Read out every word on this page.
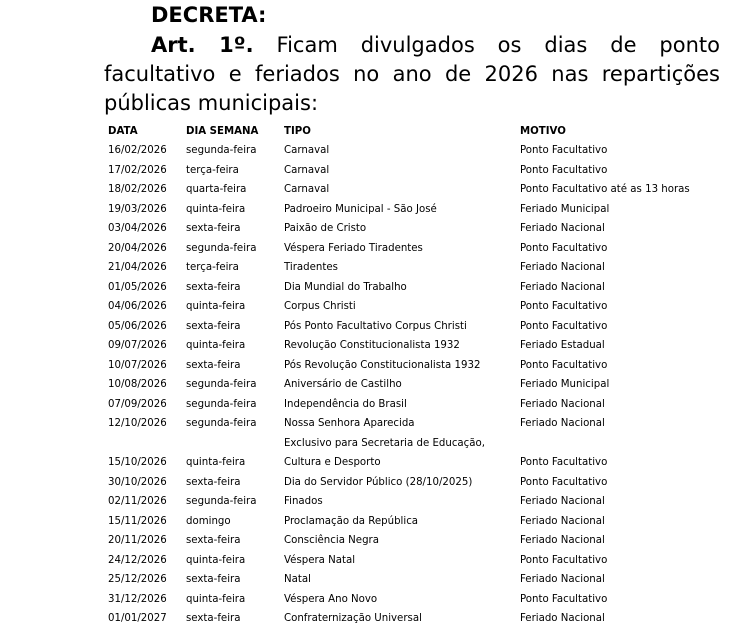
DECRETA:

Art. 1º. Ficam divulgados os dias de ponto facultativo e feriados no ano de 2026 nas repartições públicas municipais:

DATA	DIA SEMANA	TIPO	MOTIVO
16/02/2026	segunda-feira	Carnaval	Ponto Facultativo
17/02/2026	terça-feira	Carnaval	Ponto Facultativo
18/02/2026	quarta-feira	Carnaval	Ponto Facultativo até as 13 horas
19/03/2026	quinta-feira	Padroeiro Municipal - São José	Feriado Municipal
03/04/2026	sexta-feira	Paixão de Cristo	Feriado Nacional
20/04/2026	segunda-feira	Véspera Feriado Tiradentes	Ponto Facultativo
21/04/2026	terça-feira	Tiradentes	Feriado Nacional
01/05/2026	sexta-feira	Dia Mundial do Trabalho	Feriado Nacional
04/06/2026	quinta-feira	Corpus Christi	Ponto Facultativo
05/06/2026	sexta-feira	Pós Ponto Facultativo Corpus Christi	Ponto Facultativo
09/07/2026	quinta-feira	Revolução Constitucionalista 1932	Feriado Estadual
10/07/2026	sexta-feira	Pós Revolução Constitucionalista 1932	Ponto Facultativo
10/08/2026	segunda-feira	Aniversário de Castilho	Feriado Municipal
07/09/2026	segunda-feira	Independência do Brasil	Feriado Nacional
12/10/2026	segunda-feira	Nossa Senhora Aparecida	Feriado Nacional
		Exclusivo para Secretaria de Educação,	
15/10/2026	quinta-feira	Cultura e Desporto	Ponto Facultativo
30/10/2026	sexta-feira	Dia do Servidor Público (28/10/2025)	Ponto Facultativo
02/11/2026	segunda-feira	Finados	Feriado Nacional
15/11/2026	domingo	Proclamação da República	Feriado Nacional
20/11/2026	sexta-feira	Consciência Negra	Feriado Nacional
24/12/2026	quinta-feira	Véspera Natal	Ponto Facultativo
25/12/2026	sexta-feira	Natal	Feriado Nacional
31/12/2026	quinta-feira	Véspera Ano Novo	Ponto Facultativo
01/01/2027	sexta-feira	Confraternização Universal	Feriado Nacional
